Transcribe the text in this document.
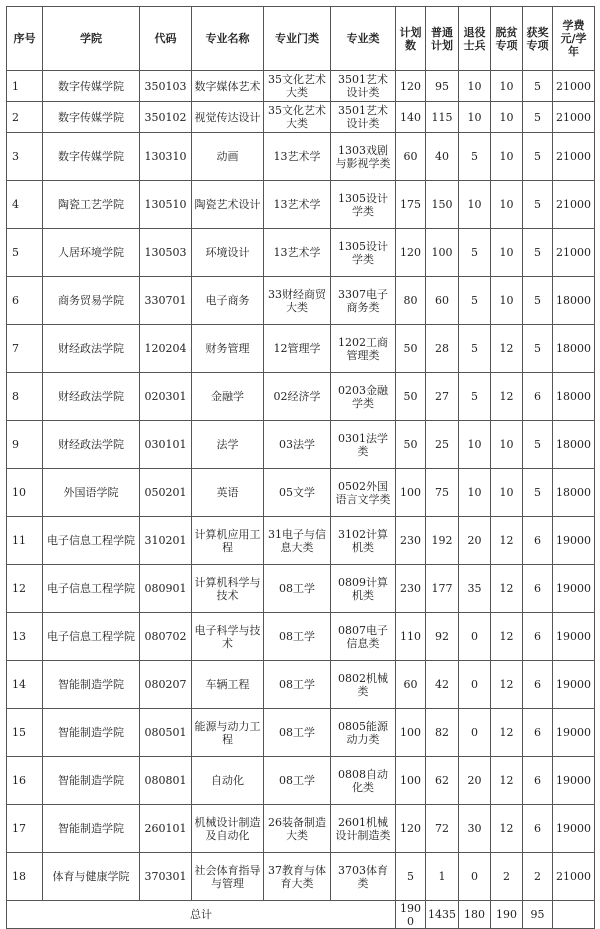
序号	学院	代码	专业名称	专业门类	专业类	计划数	普通计划	退役士兵	脱贫专项	获奖专项	学费元/学年
1	数字传媒学院	350103	数字媒体艺术	35文化艺术大类	3501艺术设计类	120	95	10	10	5	21000
2	数字传媒学院	350102	视觉传达设计	35文化艺术大类	3501艺术设计类	140	115	10	10	5	21000
3	数字传媒学院	130310	动画	13艺术学	1303戏剧与影视学类	60	40	5	10	5	21000
4	陶瓷工艺学院	130510	陶瓷艺术设计	13艺术学	1305设计学类	175	150	10	10	5	21000
5	人居环境学院	130503	环境设计	13艺术学	1305设计学类	120	100	5	10	5	21000
6	商务贸易学院	330701	电子商务	33财经商贸大类	3307电子商务类	80	60	5	10	5	18000
7	财经政法学院	120204	财务管理	12管理学	1202工商管理类	50	28	5	12	5	18000
8	财经政法学院	020301	金融学	02经济学	0203金融学类	50	27	5	12	6	18000
9	财经政法学院	030101	法学	03法学	0301法学类	50	25	10	10	5	18000
10	外国语学院	050201	英语	05文学	0502外国语言文学类	100	75	10	10	5	18000
11	电子信息工程学院	310201	计算机应用工程	31电子与信息大类	3102计算机类	230	192	20	12	6	19000
12	电子信息工程学院	080901	计算机科学与技术	08工学	0809计算机类	230	177	35	12	6	19000
13	电子信息工程学院	080702	电子科学与技术	08工学	0807电子信息类	110	92	0	12	6	19000
14	智能制造学院	080207	车辆工程	08工学	0802机械类	60	42	0	12	6	19000
15	智能制造学院	080501	能源与动力工程	08工学	0805能源动力类	100	82	0	12	6	19000
16	智能制造学院	080801	自动化	08工学	0808自动化类	100	62	20	12	6	19000
17	智能制造学院	260101	机械设计制造及自动化	26装备制造大类	2601机械设计制造类	120	72	30	12	6	19000
18	体育与健康学院	370301	社会体育指导与管理	37教育与体育大类	3703体育类	5	1	0	2	2	21000
总计						1900	1435	180	190	95	
